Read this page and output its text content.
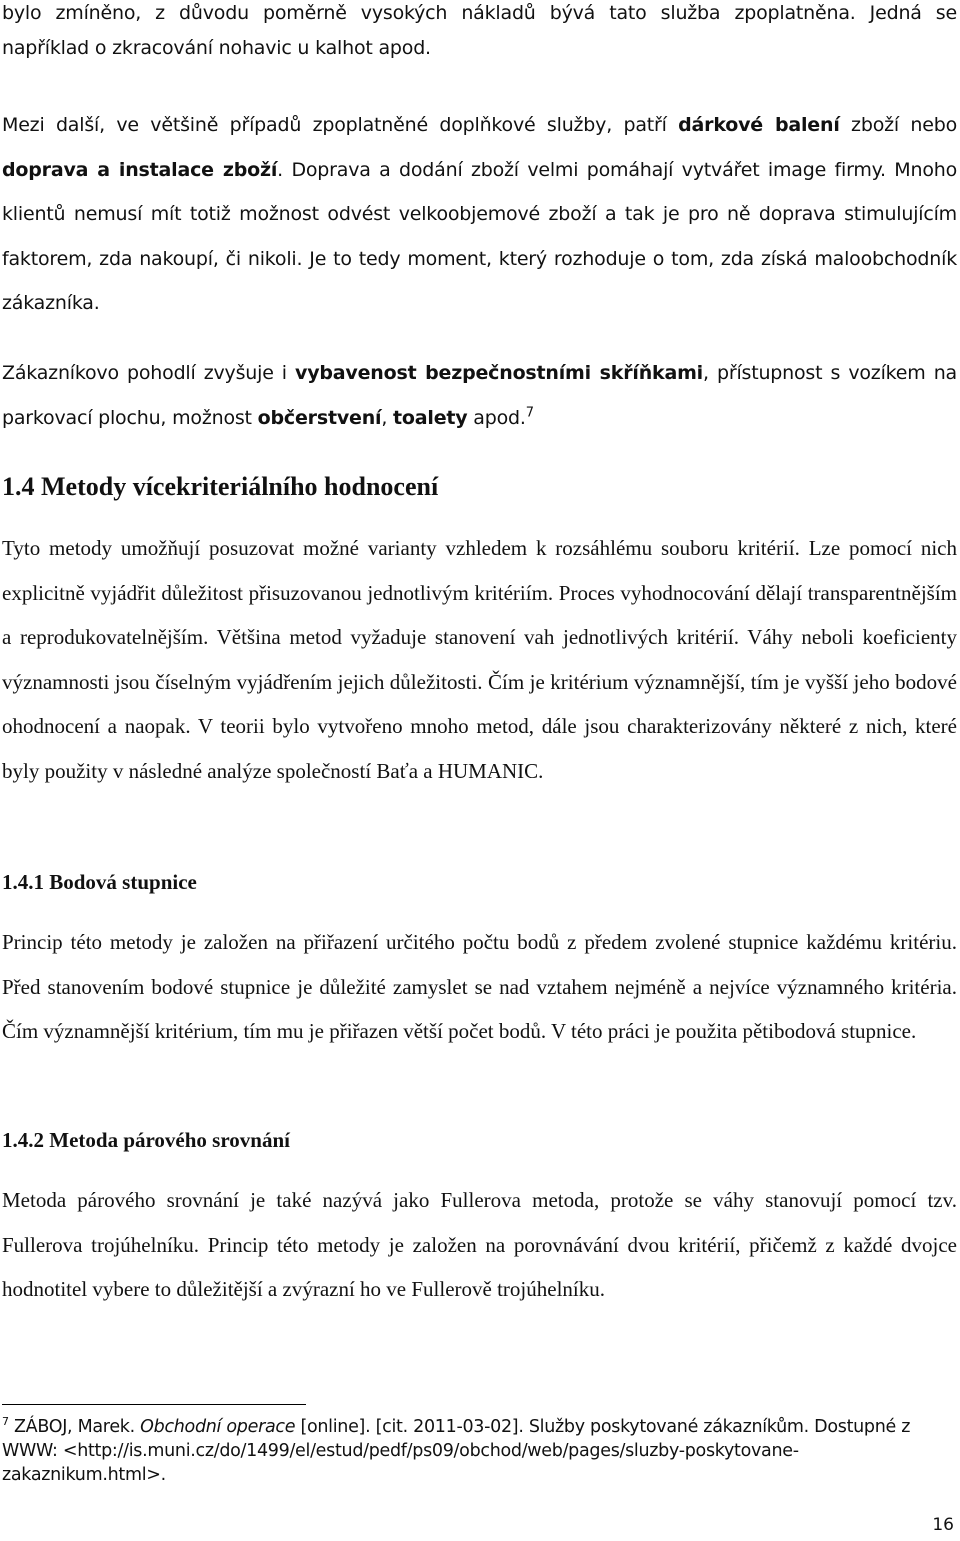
bylo zmíněno, z důvodu poměrně vysokých nákladů bývá tato služba zpoplatněna. Jedná se

například o zkracování nohavic u kalhot apod.

Mezi další, ve většině případů zpoplatněné doplňkové služby, patří dárkové balení zboží nebo doprava a instalace zboží. Doprava a dodání zboží velmi pomáhají vytvářet image firmy. Mnoho klientů nemusí mít totiž možnost odvést velkoobjemové zboží a tak je pro ně doprava stimulujícím faktorem, zda nakoupí, či nikoli. Je to tedy moment, který rozhoduje o tom, zda získá maloobchodník zákazníka.

Zákazníkovo pohodlí zvyšuje i vybavenost bezpečnostními skříňkami, přístupnost s vozíkem na parkovací plochu, možnost občerstvení, toalety apod.$^7$

1.4 Metody vícekriteriálního hodnocení

Tyto metody umožňují posuzovat možné varianty vzhledem k rozsáhlému souboru kritérií. Lze pomocí nich explicitně vyjádřit důležitost přisuzovanou jednotlivým kritériím. Proces vyhodnocování dělají transparentnějším a reprodukovatelnějším. Většina metod vyžaduje stanovení vah jednotlivých kritérií. Váhy neboli koeficienty významnosti jsou číselným vyjádřením jejich důležitosti. Čím je kritérium významnější, tím je vyšší jeho bodové ohodnocení a naopak. V teorii bylo vytvořeno mnoho metod, dále jsou charakterizovány některé z nich, které byly použity v následné analýze společností Baťa a HUMANIC.

1.4.1 Bodová stupnice

Princip této metody je založen na přiřazení určitého počtu bodů z předem zvolené stupnice každému kritériu. Před stanovením bodové stupnice je důležité zamyslet se nad vztahem nejméně a nejvíce významného kritéria. Čím významnější kritérium, tím mu je přiřazen větší počet bodů. V této práci je použita pětibodová stupnice.

1.4.2 Metoda párového srovnání

Metoda párového srovnání je také nazývá jako Fullerova metoda, protože se váhy stanovují pomocí tzv. Fullerova trojúhelníku. Princip této metody je založen na porovnávání dvou kritérií, přičemž z každé dvojce hodnotitel vybere to důležitější a zvýrazní ho ve Fullerově trojúhelníku.

$^7$ ZÁBOJ, Marek. Obchodní operace [online]. [cit. 2011-03-02]. Služby poskytované zákazníkům. Dostupné z WWW: <http://is.muni.cz/do/1499/el/estud/pedf/ps09/obchod/web/pages/sluzby-poskytovane-zakaznikum.html>.
16
